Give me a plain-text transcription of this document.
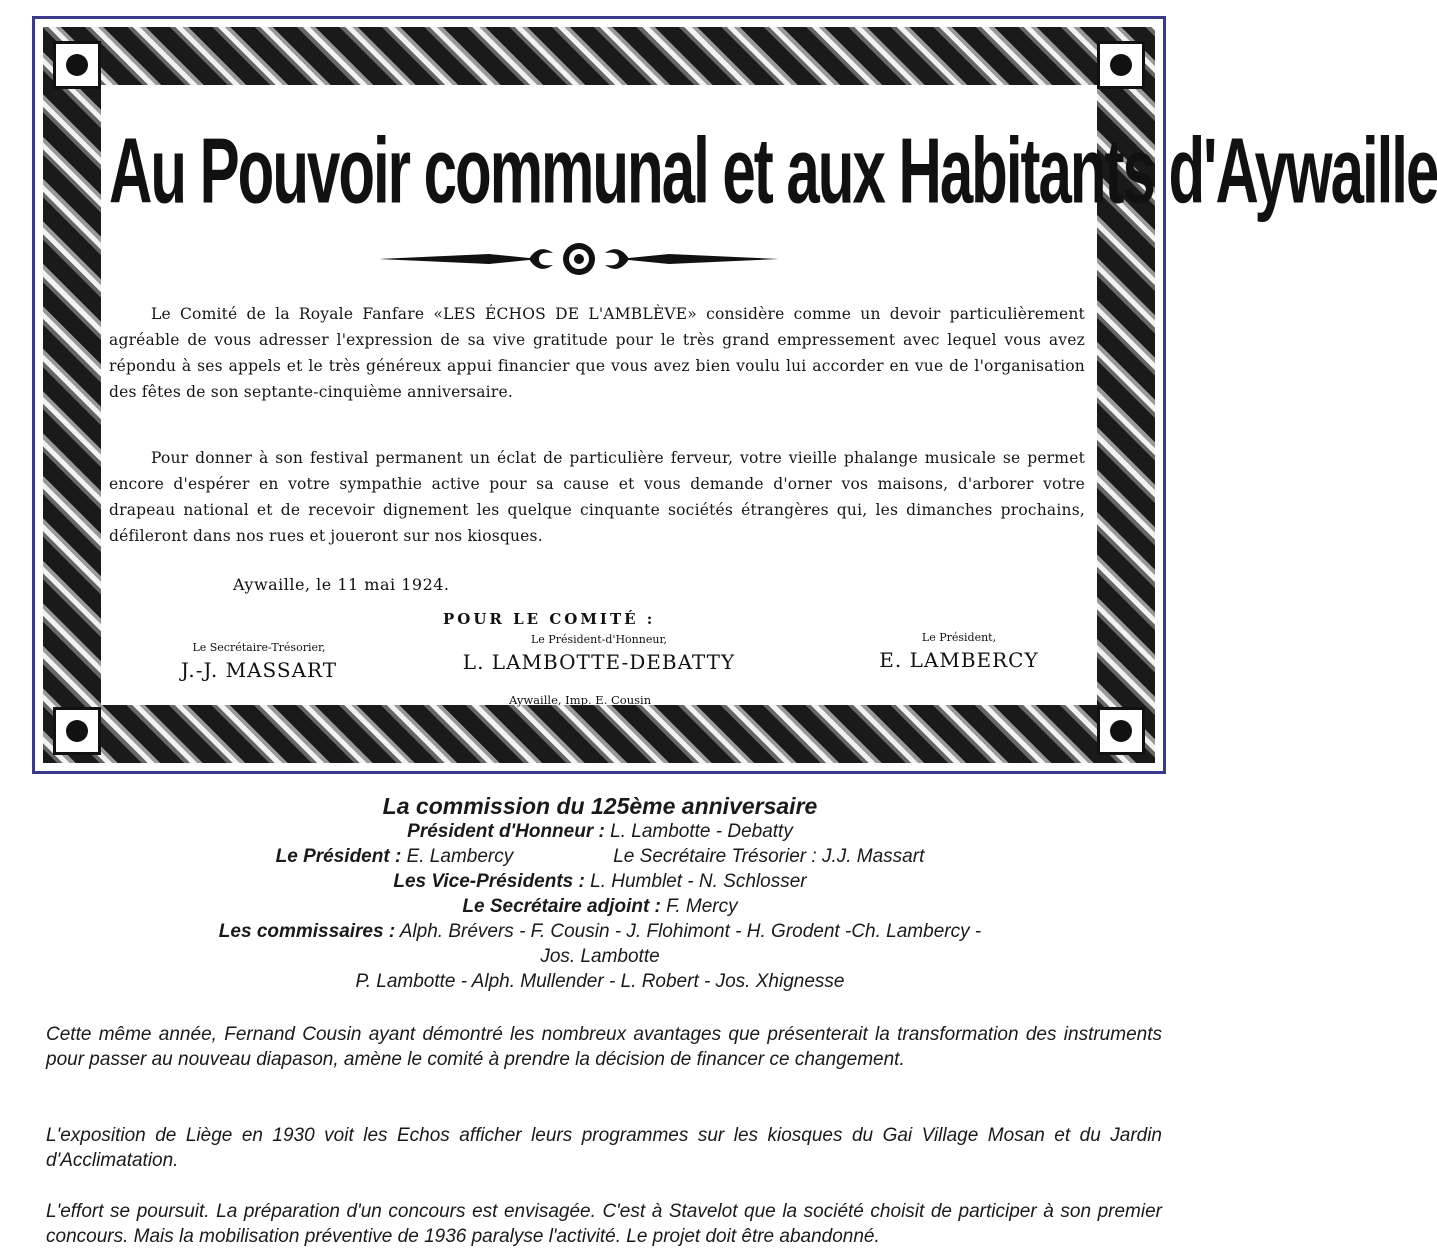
Au Pouvoir communal et aux Habitants d'Aywaille
Le Comité de la Royale Fanfare «LES ÉCHOS DE L'AMBLÈVE» considère comme un devoir particulièrement agréable de vous adresser l'expression de sa vive gratitude pour le très grand empressement avec lequel vous avez répondu à ses appels et le très généreux appui financier que vous avez bien voulu lui accorder en vue de l'organisation des fêtes de son septante-cinquième anniversaire.
Pour donner à son festival permanent un éclat de particulière ferveur, votre vieille phalange musicale se permet encore d'espérer en votre sympathie active pour sa cause et vous demande d'orner vos maisons, d'arborer votre drapeau national et de recevoir dignement les quelque cinquante sociétés étrangères qui, les dimanches prochains, défileront dans nos rues et joueront sur nos kiosques.
Aywaille, le 11 mai 1924.
POUR LE COMITÉ :
Le Secrétaire-Trésorier,
J.-J. MASSART
Le Président-d'Honneur,
L. LAMBOTTE-DEBATTY
Le Président,
E. LAMBERCY
Aywaille, Imp. E. Cousin
La commission du 125ème anniversaire
Président d'Honneur : L. Lambotte - Debatty
Le Président : E. Lambercy	Le Secrétaire Trésorier : J.J. Massart
Les Vice-Présidents : L. Humblet - N. Schlosser
Le Secrétaire adjoint : F. Mercy
Les commissaires : Alph. Brévers - F. Cousin - J. Flohimont - H. Grodent -Ch. Lambercy -
Jos. Lambotte
P. Lambotte - Alph. Mullender - L. Robert - Jos. Xhignesse

Cette même année, Fernand Cousin ayant démontré les nombreux avantages que présenterait la transformation des instruments pour passer au nouveau diapason, amène le comité à prendre la décision de financer ce changement.

L'exposition de Liège en 1930 voit les Echos afficher leurs programmes sur les kiosques du Gai Village Mosan et du Jardin d'Acclimatation.

L'effort se poursuit. La préparation d'un concours est envisagée. C'est à Stavelot que la société choisit de participer à son premier concours. Mais la mobilisation préventive de 1936 paralyse l'activité. Le projet doit être abandonné.
